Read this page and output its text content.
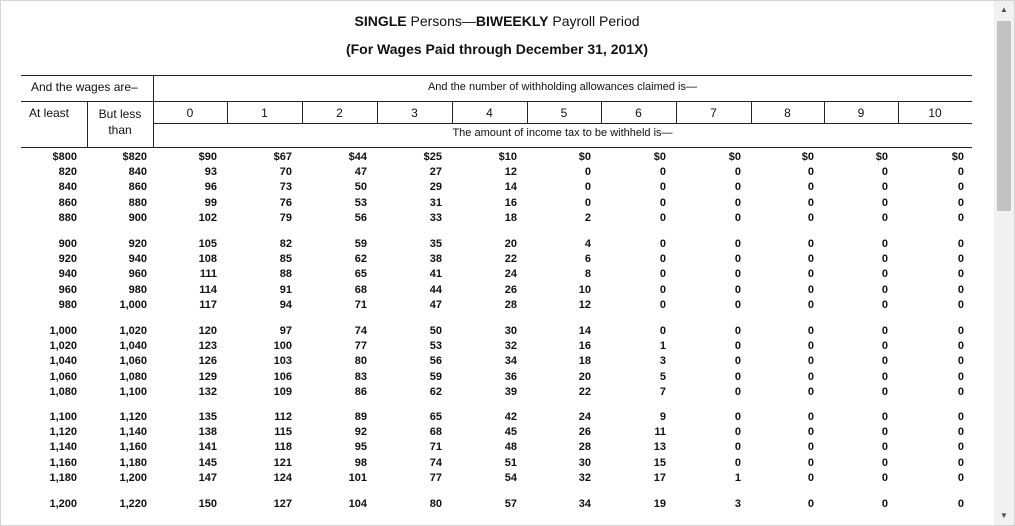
SINGLE Persons—BIWEEKLY Payroll Period
(For Wages Paid through December 31, 201X)
And the wages are–	And the number of withholding allowances claimed is—
At least	But less than	The amount of income tax to be withheld is—
0	1	2	3	4	5	6	7	8	9	10
$800	$820	$90	$67	$44	$25	$10	$0	$0	$0	$0	$0	$0
820	840	93	70	47	27	12	0	0	0	0	0	0
840	860	96	73	50	29	14	0	0	0	0	0	0
860	880	99	76	53	31	16	0	0	0	0	0	0
880	900	102	79	56	33	18	2	0	0	0	0	0
900	920	105	82	59	35	20	4	0	0	0	0	0
920	940	108	85	62	38	22	6	0	0	0	0	0
940	960	111	88	65	41	24	8	0	0	0	0	0
960	980	114	91	68	44	26	10	0	0	0	0	0
980	1,000	117	94	71	47	28	12	0	0	0	0	0
1,000	1,020	120	97	74	50	30	14	0	0	0	0	0
1,020	1,040	123	100	77	53	32	16	1	0	0	0	0
1,040	1,060	126	103	80	56	34	18	3	0	0	0	0
1,060	1,080	129	106	83	59	36	20	5	0	0	0	0
1,080	1,100	132	109	86	62	39	22	7	0	0	0	0
1,100	1,120	135	112	89	65	42	24	9	0	0	0	0
1,120	1,140	138	115	92	68	45	26	11	0	0	0	0
1,140	1,160	141	118	95	71	48	28	13	0	0	0	0
1,160	1,180	145	121	98	74	51	30	15	0	0	0	0
1,180	1,200	147	124	101	77	54	32	17	1	0	0	0
1,200	1,220	150	127	104	80	57	34	19	3	0	0	0
▲
▼
